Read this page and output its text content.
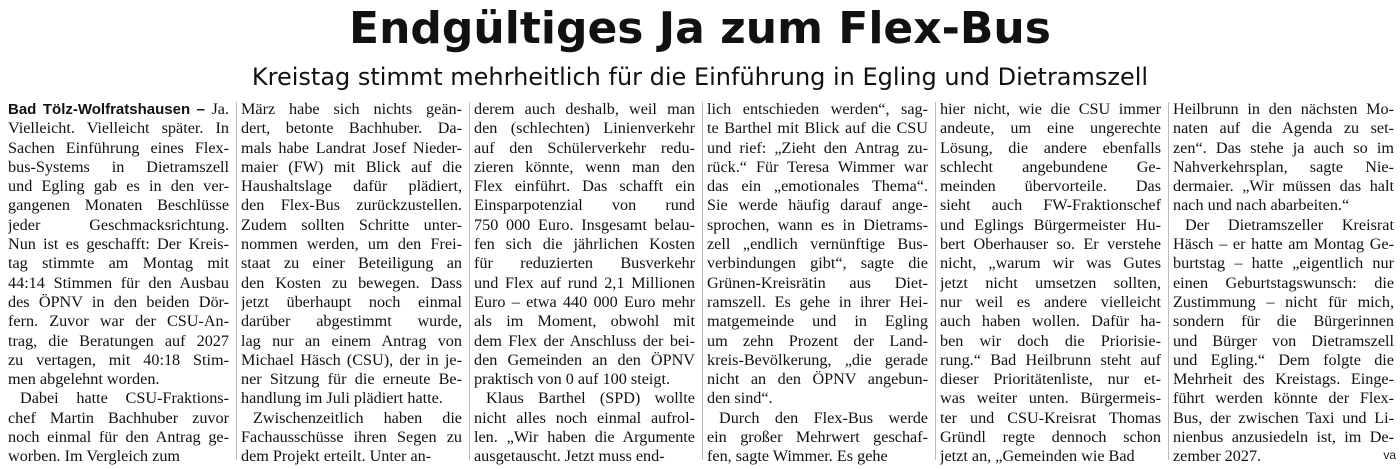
Endgültiges Ja zum Flex-Bus
Kreistag stimmt mehrheitlich für die Einführung in Egling und Dietramszell
Bad Tölz-Wolfratshausen – Ja.
Vielleicht. Vielleicht später. In
Sachen Einführung eines Flex-
bus-Systems in Dietramszell
und Egling gab es in den ver-
gangenen Monaten Beschlüsse
jeder Geschmacksrichtung.
Nun ist es geschafft: Der Kreis-
tag stimmte am Montag mit
44:14 Stimmen für den Ausbau
des ÖPNV in den beiden Dör-
fern. Zuvor war der CSU-An-
trag, die Beratungen auf 2027
zu vertagen, mit 40:18 Stim-
men abgelehnt worden.
Dabei hatte CSU-Fraktions-
chef Martin Bachhuber zuvor
noch einmal für den Antrag ge-
worben. Im Vergleich zum
März habe sich nichts geän-
dert, betonte Bachhuber. Da-
mals habe Landrat Josef Nieder-
maier (FW) mit Blick auf die
Haushaltslage dafür plädiert,
den Flex-Bus zurückzustellen.
Zudem sollten Schritte unter-
nommen werden, um den Frei-
staat zu einer Beteiligung an
den Kosten zu bewegen. Dass
jetzt überhaupt noch einmal
darüber abgestimmt wurde,
lag nur an einem Antrag von
Michael Häsch (CSU), der in je-
ner Sitzung für die erneute Be-
handlung im Juli plädiert hatte.
Zwischenzeitlich haben die
Fachausschüsse ihren Segen zu
dem Projekt erteilt. Unter an-
derem auch deshalb, weil man
den (schlechten) Linienverkehr
auf den Schülerverkehr redu-
zieren könnte, wenn man den
Flex einführt. Das schafft ein
Einsparpotenzial von rund
750 000 Euro. Insgesamt belau-
fen sich die jährlichen Kosten
für reduzierten Busverkehr
und Flex auf rund 2,1 Millionen
Euro – etwa 440 000 Euro mehr
als im Moment, obwohl mit
dem Flex der Anschluss der bei-
den Gemeinden an den ÖPNV
praktisch von 0 auf 100 steigt.
Klaus Barthel (SPD) wollte
nicht alles noch einmal aufrol-
len. „Wir haben die Argumente
ausgetauscht. Jetzt muss end-
lich entschieden werden“, sag-
te Barthel mit Blick auf die CSU
und rief: „Zieht den Antrag zu-
rück.“ Für Teresa Wimmer war
das ein „emotionales Thema“.
Sie werde häufig darauf ange-
sprochen, wann es in Dietrams-
zell „endlich vernünftige Bus-
verbindungen gibt“, sagte die
Grünen-Kreisrätin aus Diet-
ramszell. Es gehe in ihrer Hei-
matgemeinde und in Egling
um zehn Prozent der Land-
kreis-Bevölkerung, „die gerade
nicht an den ÖPNV angebun-
den sind“.
Durch den Flex-Bus werde
ein großer Mehrwert geschaf-
fen, sagte Wimmer. Es gehe
hier nicht, wie die CSU immer
andeute, um eine ungerechte
Lösung, die andere ebenfalls
schlecht angebundene Ge-
meinden übervorteile. Das
sieht auch FW-Fraktionschef
und Eglings Bürgermeister Hu-
bert Oberhauser so. Er verstehe
nicht, „warum wir was Gutes
jetzt nicht umsetzen sollten,
nur weil es andere vielleicht
auch haben wollen. Dafür ha-
ben wir doch die Priorisie-
rung.“ Bad Heilbrunn steht auf
dieser Prioritätenliste, nur et-
was weiter unten. Bürgermeis-
ter und CSU-Kreisrat Thomas
Gründl regte dennoch schon
jetzt an, „Gemeinden wie Bad
Heilbrunn in den nächsten Mo-
naten auf die Agenda zu set-
zen“. Das stehe ja auch so im
Nahverkehrsplan, sagte Nie-
dermaier. „Wir müssen das halt
nach und nach abarbeiten.“
Der Dietramszeller Kreisrat
Häsch – er hatte am Montag Ge-
burtstag – hatte „eigentlich nur
einen Geburtstagswunsch: die
Zustimmung – nicht für mich,
sondern für die Bürgerinnen
und Bürger von Dietramszell
und Egling.“ Dem folgte die
Mehrheit des Kreistags. Einge-
führt werden könnte der Flex-
Bus, der zwischen Taxi und Li-
nienbus anzusiedeln ist, im De-
zember 2027.	va
